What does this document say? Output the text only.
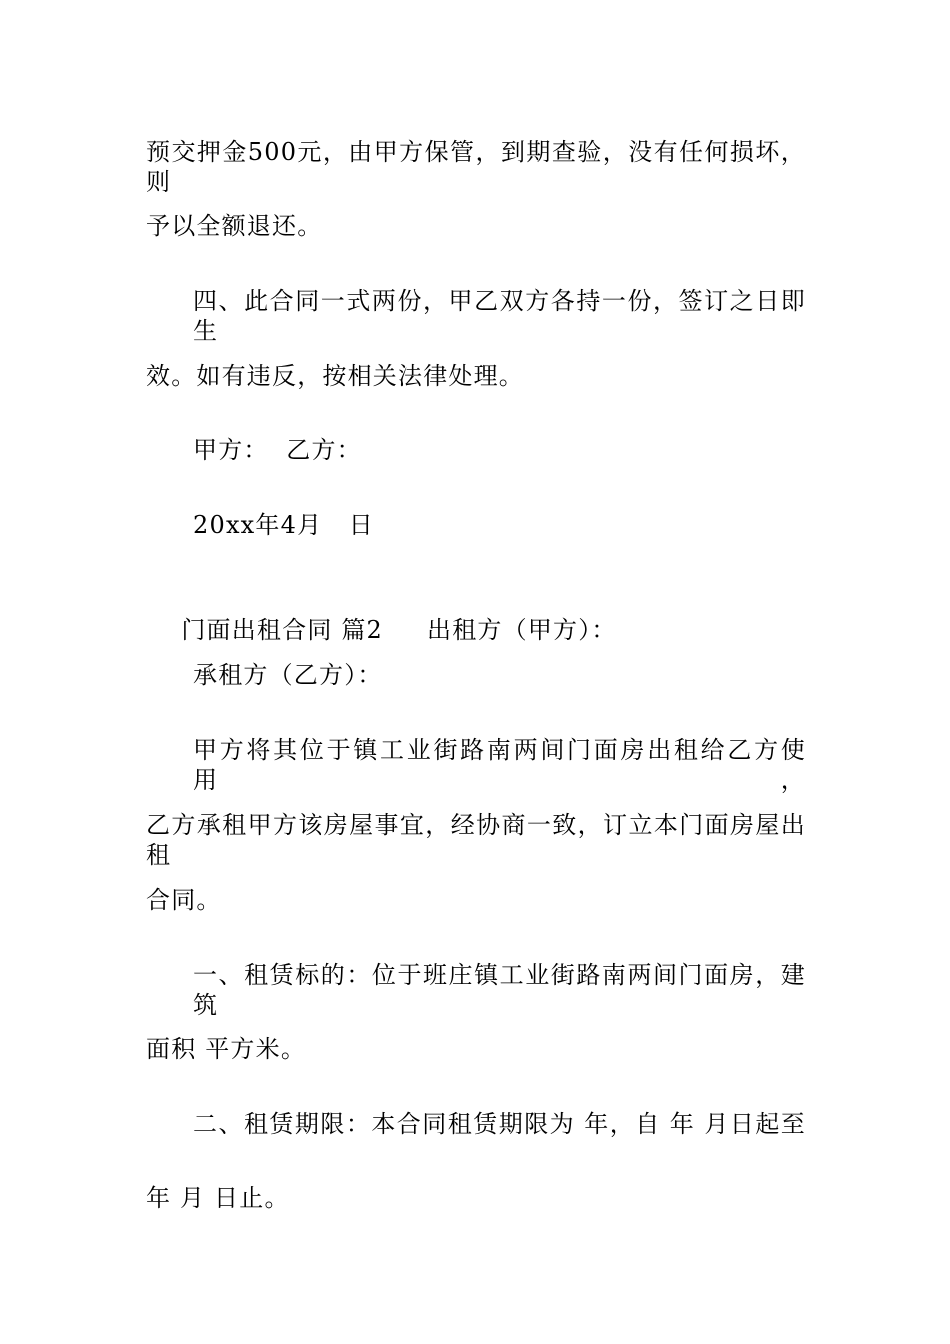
预交押金500元，由甲方保管，到期查验，没有任何损坏，则
予以全额退还。
四、此合同一式两份，甲乙双方各持一份，签订之日即生
效。如有违反，按相关法律处理。
甲方：  乙方：
20xx年4月   日

门面出租合同 篇2 出租方（甲方）：

承租方（乙方）：
甲方将其位于镇工业街路南两间门面房出租给乙方使用，
乙方承租甲方该房屋事宜，经协商一致，订立本门面房屋出租
合同。
一、租赁标的：位于班庄镇工业街路南两间门面房，建筑
面积 平方米。
二、租赁期限：本合同租赁期限为 年，自 年 月日起至
年 月 日止。
